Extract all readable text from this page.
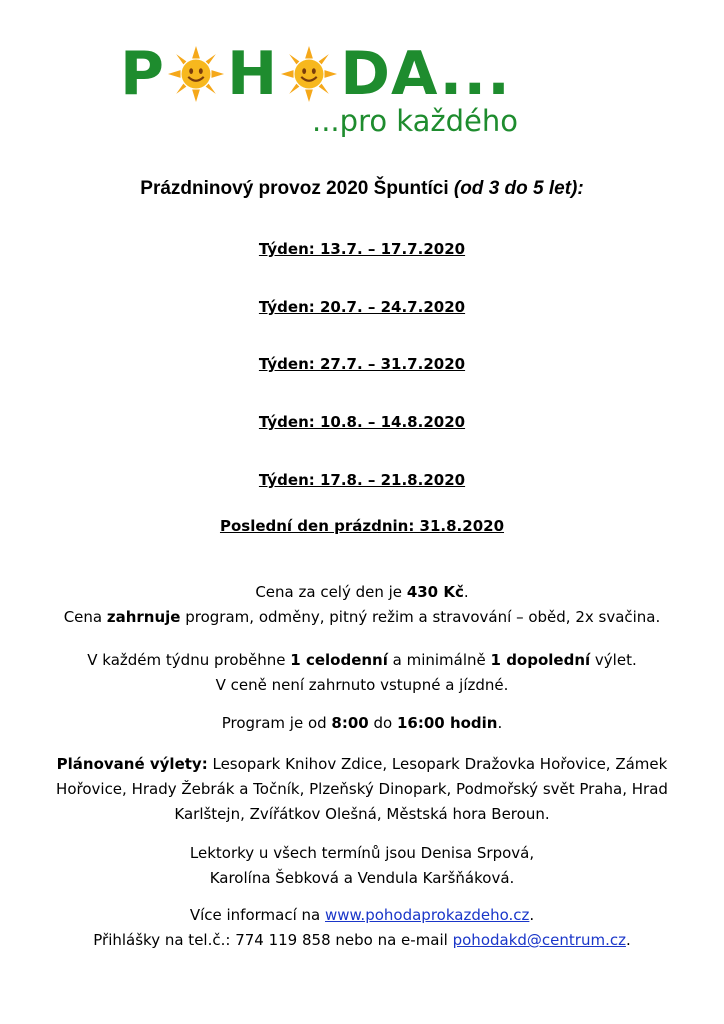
P H DA...
...pro každého
Prázdninový provoz 2020 Špuntíci (od 3 do 5 let):
Týden: 13.7. – 17.7.2020
Týden: 20.7. – 24.7.2020
Týden: 27.7. – 31.7.2020
Týden: 10.8. – 14.8.2020
Týden: 17.8. – 21.8.2020
Poslední den prázdnin: 31.8.2020
Cena za celý den je 430 Kč.
Cena zahrnuje program, odměny, pitný režim a stravování – oběd, 2x svačina.
V každém týdnu proběhne 1 celodenní a minimálně 1 dopolední výlet.
V ceně není zahrnuto vstupné a jízdné.
Program je od 8:00 do 16:00 hodin.
Plánované výlety: Lesopark Knihov Zdice, Lesopark Dražovka Hořovice, Zámek Hořovice, Hrady Žebrák a Točník, Plzeňský Dinopark, Podmořský svět Praha, Hrad Karlštejn, Zvířátkov Olešná, Městská hora Beroun.
Lektorky u všech termínů jsou Denisa Srpová,
Karolína Šebková a Vendula Karšňáková.
Více informací na www.pohodaprokazdeho.cz.
Přihlášky na tel.č.: 774 119 858 nebo na e-mail pohodakd@centrum.cz.
